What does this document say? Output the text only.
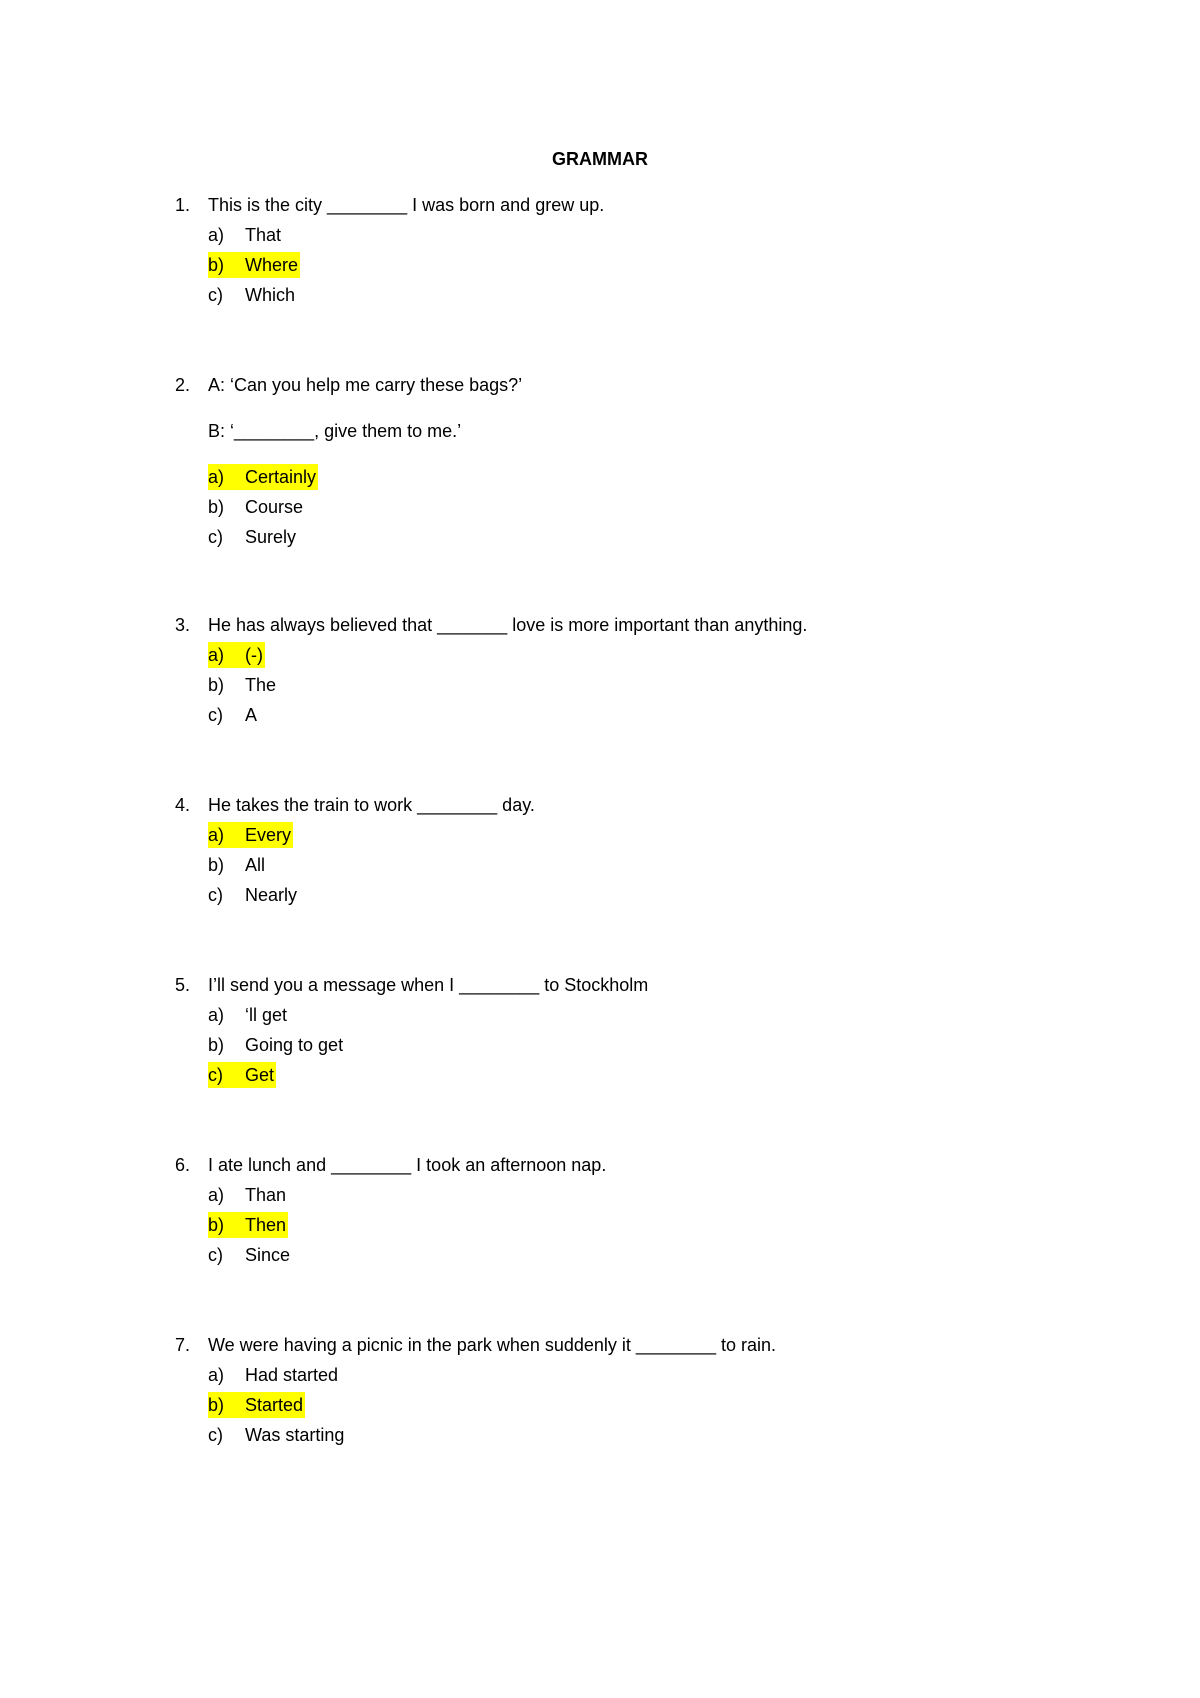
GRAMMAR
1. This is the city ________ I was born and grew up.
a) That
b) Where
c) Which
2. A: ‘Can you help me carry these bags?’
B: ‘________, give them to me.’
a) Certainly
b) Course
c) Surely
3. He has always believed that _______ love is more important than anything.
a) (-)
b) The
c) A
4. He takes the train to work ________ day.
a) Every
b) All
c) Nearly
5. I’ll send you a message when I ________ to Stockholm
a) ‘ll get
b) Going to get
c) Get
6. I ate lunch and ________ I took an afternoon nap.
a) Than
b) Then
c) Since
7. We were having a picnic in the park when suddenly it ________ to rain.
a) Had started
b) Started
c) Was starting
